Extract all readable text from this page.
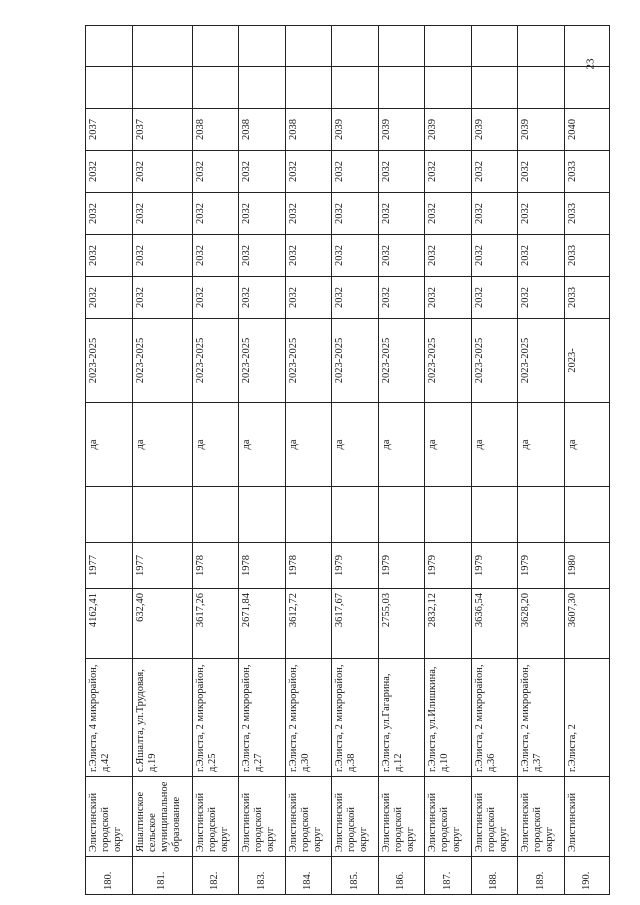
23
180.	Элистинский городской округ	г.Элиста, 4 микрорайон, д.42	4162,41	1977		да	2023-2025	2032	2032	2032	2032	2037		
181.	Яшалтинское сельское муниципальное образование	с.Яшалта, ул.Трудовая, д.19	632,40	1977		да	2023-2025	2032	2032	2032	2032	2037		
182.	Элистинский городской округ	г.Элиста, 2 микрорайон, д.25	3617,26	1978		да	2023-2025	2032	2032	2032	2032	2038		
183.	Элистинский городской округ	г.Элиста, 2 микрорайон, д.27	2671,84	1978		да	2023-2025	2032	2032	2032	2032	2038		
184.	Элистинский городской округ	г.Элиста, 2 микрорайон, д.30	3612,72	1978		да	2023-2025	2032	2032	2032	2032	2038		
185.	Элистинский городской округ	г.Элиста, 2 микрорайон, д.38	3617,67	1979		да	2023-2025	2032	2032	2032	2032	2039		
186.	Элистинский городской округ	г.Элиста, ул.Гагарина, д.12	2755,03	1979		да	2023-2025	2032	2032	2032	2032	2039		
187.	Элистинский городской округ	г.Элиста, ул.Илишкина, д.10	2832,12	1979		да	2023-2025	2032	2032	2032	2032	2039		
188.	Элистинский городской округ	г.Элиста, 2 микрорайон, д.36	3636,54	1979		да	2023-2025	2032	2032	2032	2032	2039		
189.	Элистинский городской округ	г.Элиста, 2 микрорайон, д.37	3628,20	1979		да	2023-2025	2032	2032	2032	2032	2039		
190.	Элистинский	г.Элиста, 2	3607,30	1980		да	2023-	2033	2033	2033	2033	2040		
